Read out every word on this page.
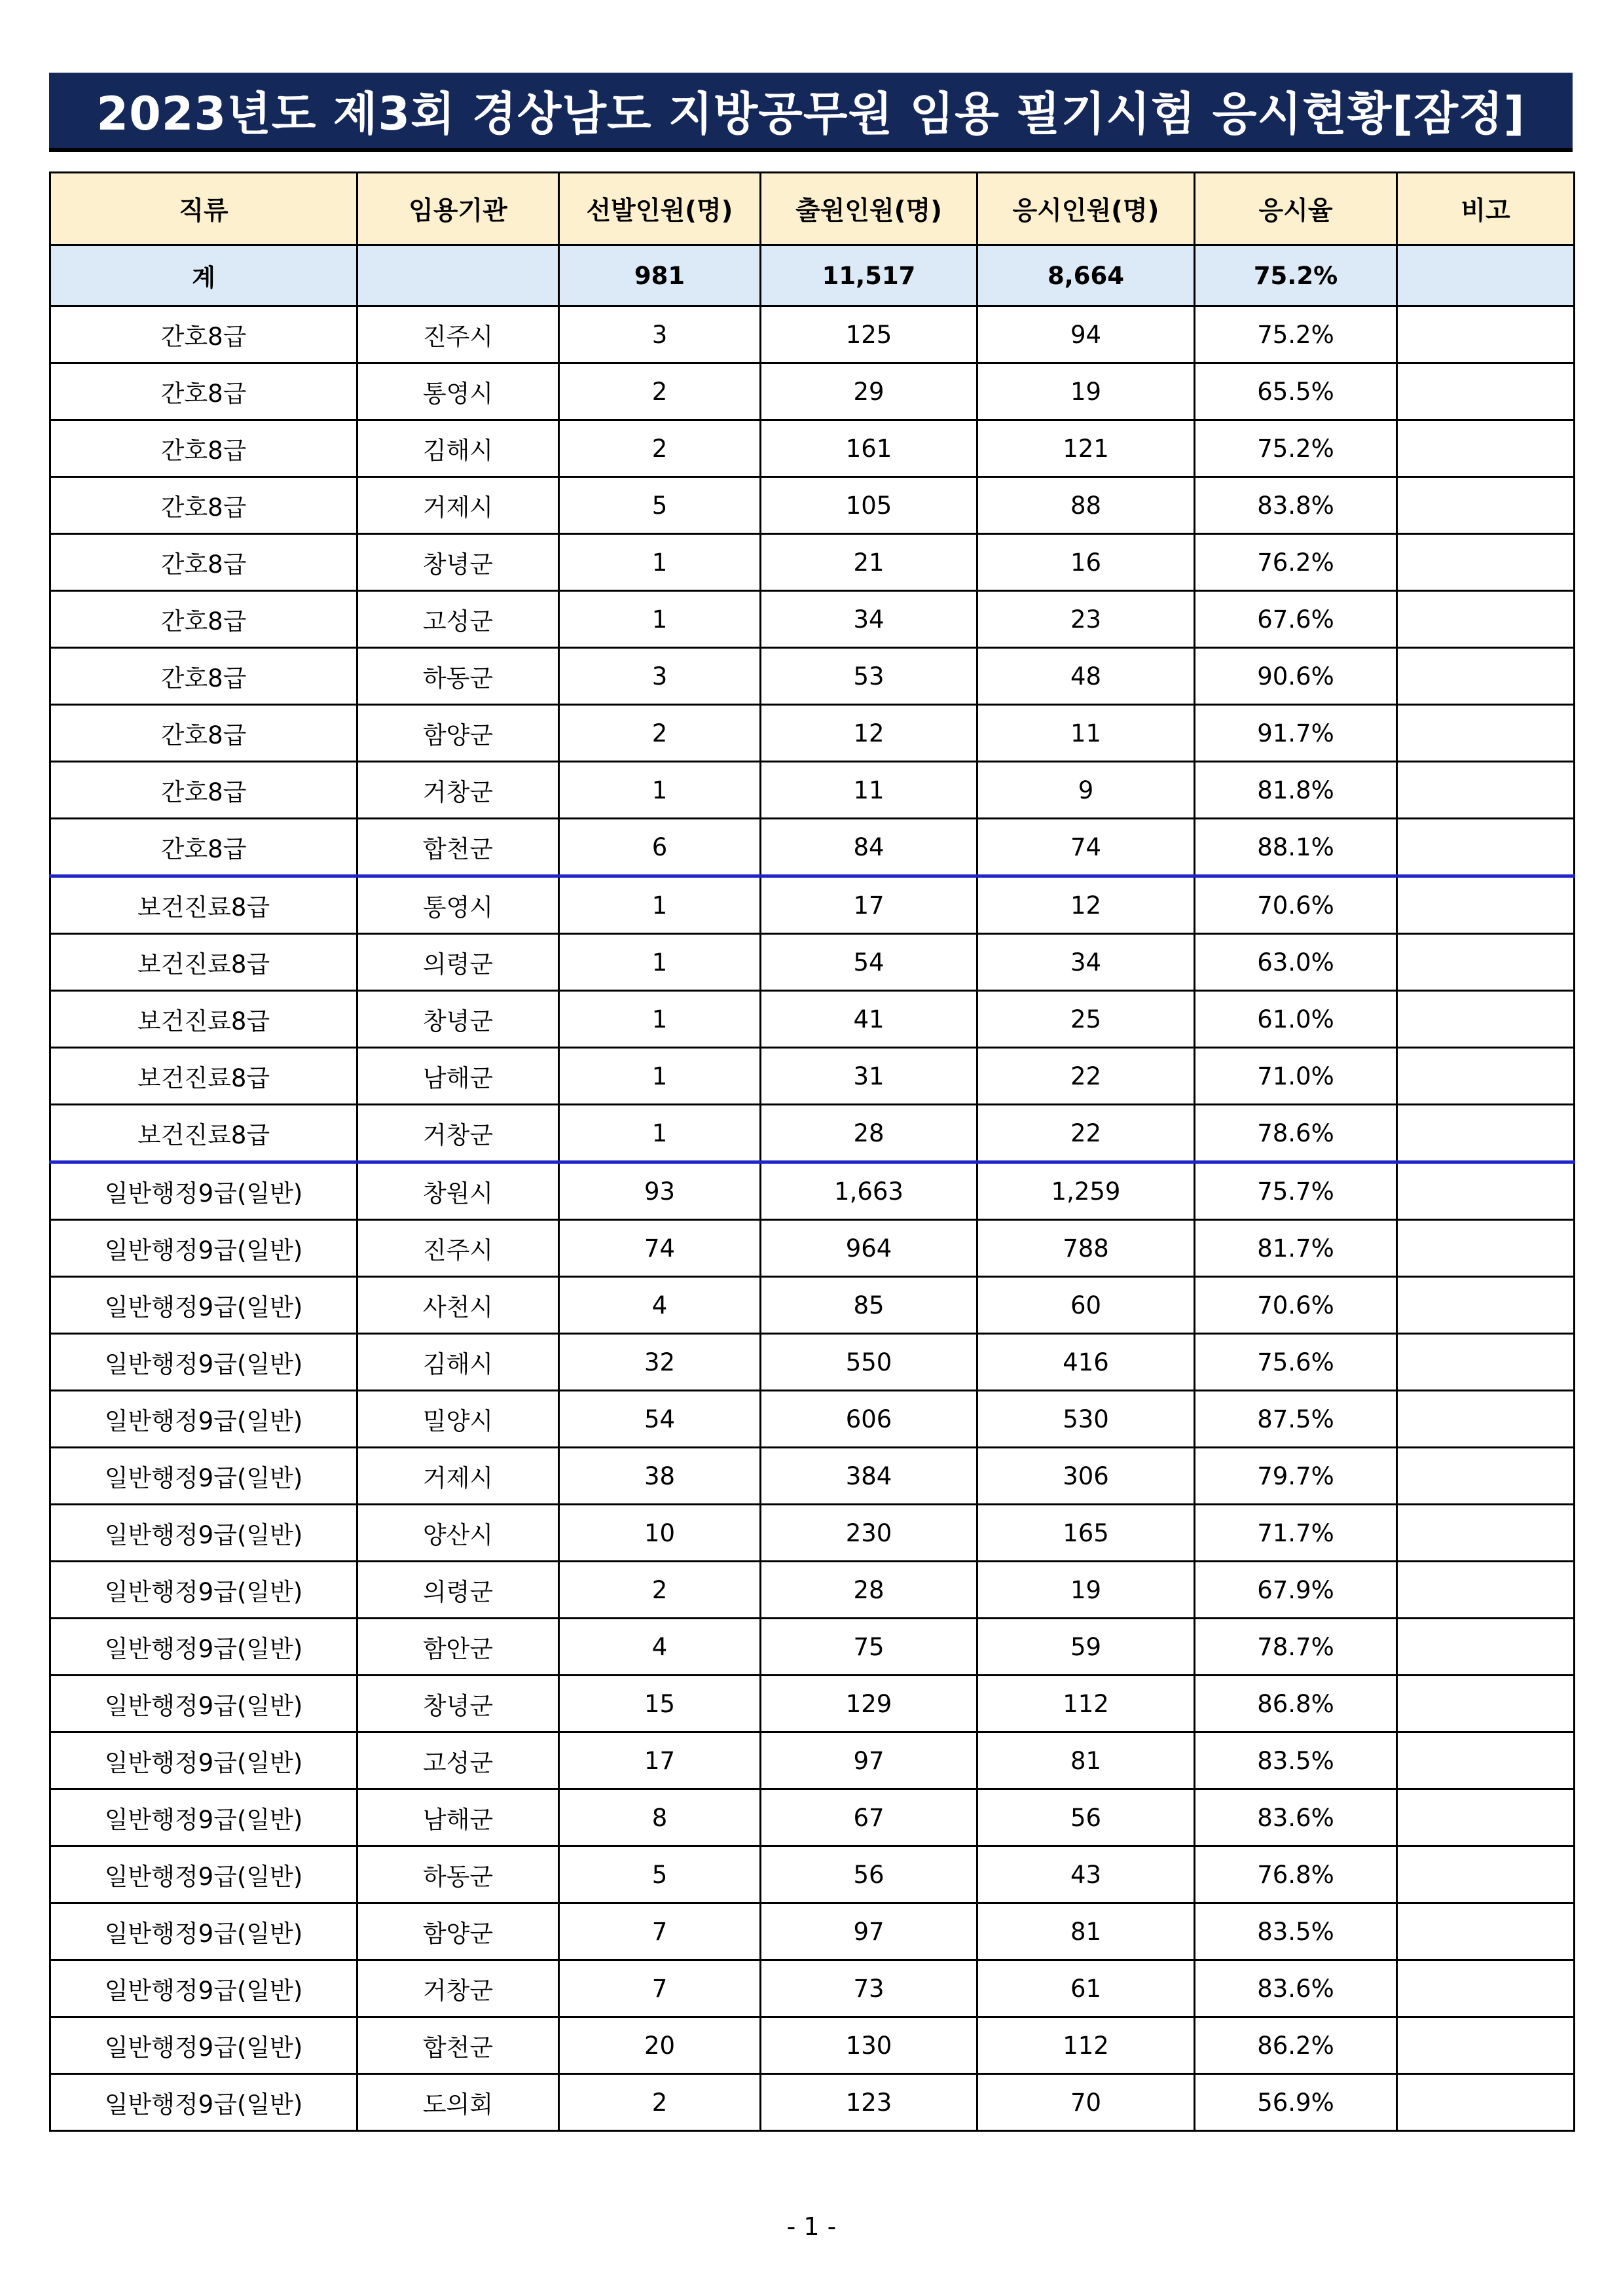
2023년도 제3회 경상남도 지방공무원 임용 필기시험 응시현황[잠정]
직류	임용기관	선발인원(명)	출원인원(명)	응시인원(명)	응시율	비고
계		981	11,517	8,664	75.2%	
간호8급	진주시	3	125	94	75.2%	
간호8급	통영시	2	29	19	65.5%	
간호8급	김해시	2	161	121	75.2%	
간호8급	거제시	5	105	88	83.8%	
간호8급	창녕군	1	21	16	76.2%	
간호8급	고성군	1	34	23	67.6%	
간호8급	하동군	3	53	48	90.6%	
간호8급	함양군	2	12	11	91.7%	
간호8급	거창군	1	11	9	81.8%	
간호8급	합천군	6	84	74	88.1%	
보건진료8급	통영시	1	17	12	70.6%	
보건진료8급	의령군	1	54	34	63.0%	
보건진료8급	창녕군	1	41	25	61.0%	
보건진료8급	남해군	1	31	22	71.0%	
보건진료8급	거창군	1	28	22	78.6%	
일반행정9급(일반)	창원시	93	1,663	1,259	75.7%	
일반행정9급(일반)	진주시	74	964	788	81.7%	
일반행정9급(일반)	사천시	4	85	60	70.6%	
일반행정9급(일반)	김해시	32	550	416	75.6%	
일반행정9급(일반)	밀양시	54	606	530	87.5%	
일반행정9급(일반)	거제시	38	384	306	79.7%	
일반행정9급(일반)	양산시	10	230	165	71.7%	
일반행정9급(일반)	의령군	2	28	19	67.9%	
일반행정9급(일반)	함안군	4	75	59	78.7%	
일반행정9급(일반)	창녕군	15	129	112	86.8%	
일반행정9급(일반)	고성군	17	97	81	83.5%	
일반행정9급(일반)	남해군	8	67	56	83.6%	
일반행정9급(일반)	하동군	5	56	43	76.8%	
일반행정9급(일반)	함양군	7	97	81	83.5%	
일반행정9급(일반)	거창군	7	73	61	83.6%	
일반행정9급(일반)	합천군	20	130	112	86.2%	
일반행정9급(일반)	도의회	2	123	70	56.9%	
- 1 -
